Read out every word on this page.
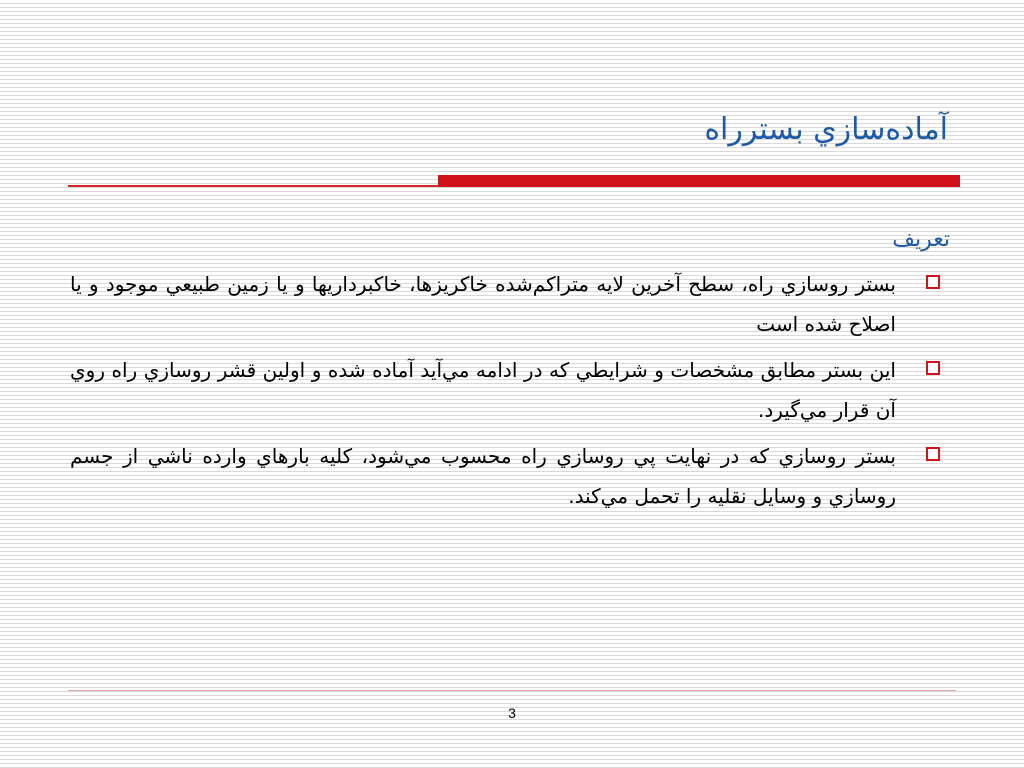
آماده‌سازي بستر‌راه
تعريف
بستر روسازي راه، سطح آخرين لايه متراكم‌شده خاكريزها، خاكبرداريها و يا زمين طبيعي موجود و يا اصلاح شده است
اين بستر مطابق مشخصات و شرايطي كه در ادامه مي‌آيد آماده شده و اولين قشر روسازي راه روي آن قرار مي‌گيرد.
بستر روسازي كه در نهايت پي روسازي راه محسوب مي‌شود، كليه بارهاي وارده ناشي از جسم روسازي و وسايل نقليه را تحمل مي‌كند.
3
